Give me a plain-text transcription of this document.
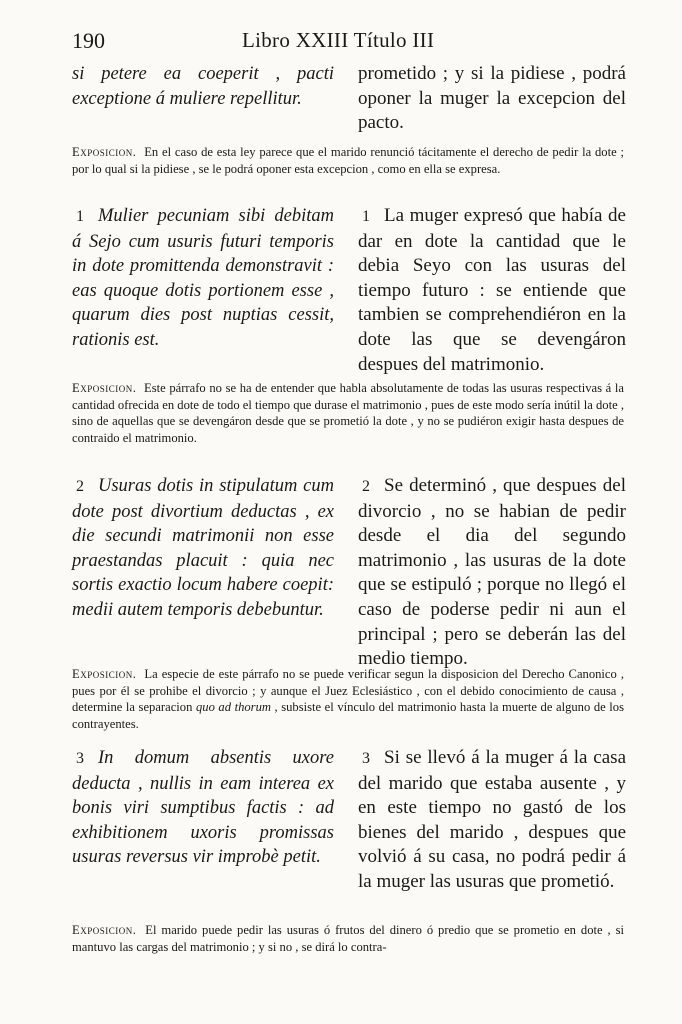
190	Libro XXIII Título III
si petere ea coeperit , pacti exceptione á muliere repellitur.
prometido ; y si la pidiese , podrá oponer la muger la excepcion del pacto.
Exposicion. En el caso de esta ley parece que el marido renunció tácitamente el derecho de pedir la dote ; por lo qual si la pidiese , se le podrá oponer esta excepcion , como en ella se expresa.
1 Mulier pecuniam sibi debitam á Sejo cum usuris futuri temporis in dote promittenda demonstravit : eas quoque dotis portionem esse , quarum dies post nuptias cessit, rationis est.
1 La muger expresó que había de dar en dote la cantidad que le debia Seyo con las usuras del tiempo futuro : se entiende que tambien se comprehendiéron en la dote las que se devengáron despues del matrimonio.
Exposicion. Este párrafo no se ha de entender que habla absolutamente de todas las usuras respectivas á la cantidad ofrecida en dote de todo el tiempo que durase el matrimonio , pues de este modo sería inútil la dote , sino de aquellas que se devengáron desde que se prometió la dote , y no se pudiéron exigir hasta despues de contraido el matrimonio.
2 Usuras dotis in stipulatum cum dote post divortium deductas , ex die secundi matrimonii non esse praestandas placuit : quia nec sortis exactio locum habere coepit: medii autem temporis debebuntur.
2 Se determinó , que despues del divorcio , no se habian de pedir desde el dia del segundo matrimonio , las usuras de la dote que se estipuló ; porque no llegó el caso de poderse pedir ni aun el principal ; pero se deberán las del medio tiempo.
Exposicion. La especie de este párrafo no se puede verificar segun la disposicion del Derecho Canonico , pues por él se prohibe el divorcio ; y aunque el Juez Eclesiástico , con el debido conocimiento de causa , determine la separacion quo ad thorum , subsiste el vínculo del matrimonio hasta la muerte de alguno de los contrayentes.
3 In domum absentis uxore deducta , nullis in eam interea ex bonis viri sumptibus factis : ad exhibitionem uxoris promissas usuras reversus vir improbè petit.
3 Si se llevó á la muger á la casa del marido que estaba ausente , y en este tiempo no gastó de los bienes del marido , despues que volvió á su casa, no podrá pedir á la muger las usuras que prometió.
Exposicion. El marido puede pedir las usuras ó frutos del dinero ó predio que se prometio en dote , si mantuvo las cargas del matrimonio ; y si no , se dirá lo contra-
